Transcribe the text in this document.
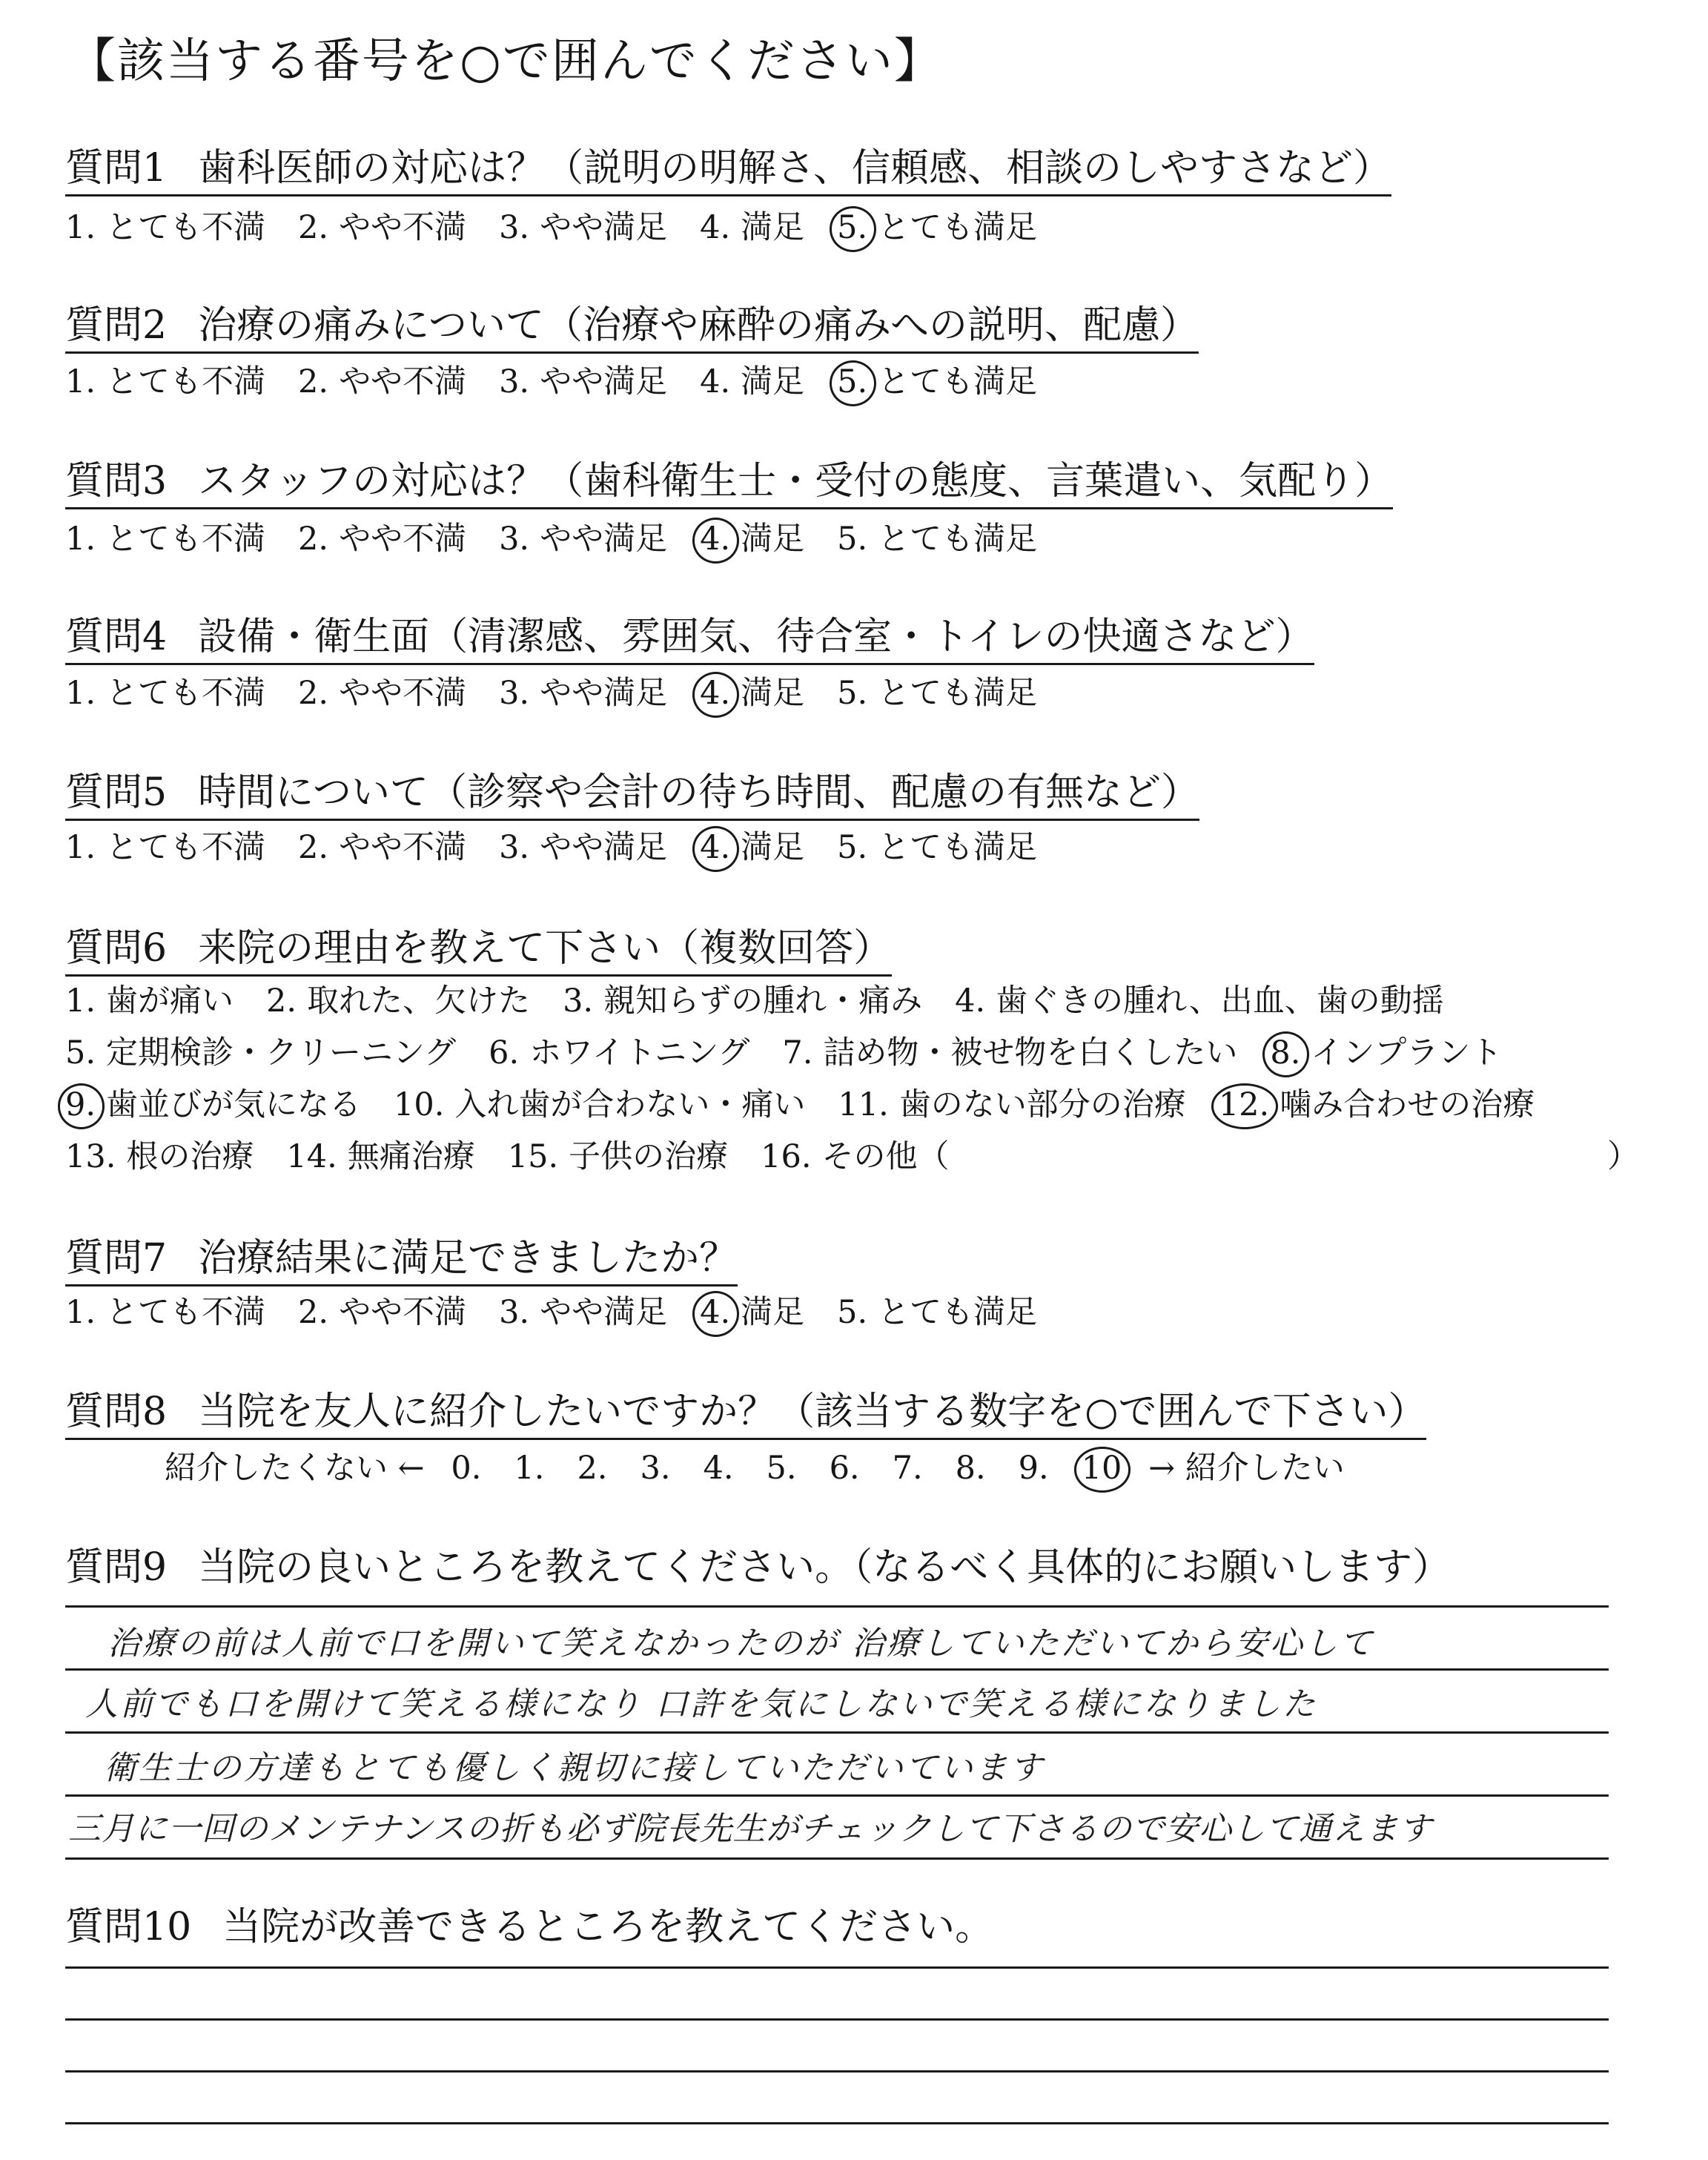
【該当する番号を○で囲んでください】
質問1 歯科医師の対応は？（説明の明解さ、信頼感、相談のしやすさなど）
1. とても不満 2. やや不満 3. やや満足 4. 満足 5. とても満足
質問2 治療の痛みについて（治療や麻酔の痛みへの説明、配慮）
1. とても不満 2. やや不満 3. やや満足 4. 満足 5. とても満足
質問3 スタッフの対応は？（歯科衛生士・受付の態度、言葉遣い、気配り）
1. とても不満 2. やや不満 3. やや満足 4. 満足 5. とても満足
質問4 設備・衛生面（清潔感、雰囲気、待合室・トイレの快適さなど）
1. とても不満 2. やや不満 3. やや満足 4. 満足 5. とても満足
質問5 時間について（診察や会計の待ち時間、配慮の有無など）
1. とても不満 2. やや不満 3. やや満足 4. 満足 5. とても満足
質問6 来院の理由を教えて下さい（複数回答）
1. 歯が痛い 2. 取れた、欠けた 3. 親知らずの腫れ・痛み 4. 歯ぐきの腫れ、出血、歯の動揺
5. 定期検診・クリーニング 6. ホワイトニング 7. 詰め物・被せ物を白くしたい 8. インプラント
9. 歯並びが気になる 10. 入れ歯が合わない・痛い 11. 歯のない部分の治療 12. 噛み合わせの治療
13. 根の治療 14. 無痛治療 15. 子供の治療 16. その他（	）
質問7 治療結果に満足できましたか？
1. とても不満 2. やや不満 3. やや満足 4. 満足 5. とても満足
質問8 当院を友人に紹介したいですか？（該当する数字を○で囲んで下さい）
紹介したくない ← 0. 1. 2. 3. 4. 5. 6. 7. 8. 9. 10 → 紹介したい
質問9 当院の良いところを教えてください。（なるべく具体的にお願いします）
治療の前は人前で口を開いて笑えなかったのが 治療していただいてから安心して
人前でも口を開けて笑える様になり 口許を気にしないで笑える様になりました
衛生士の方達もとても優しく親切に接していただいています
三月に一回のメンテナンスの折も必ず院長先生がチェックして下さるので安心して通えます
質問10 当院が改善できるところを教えてください。
